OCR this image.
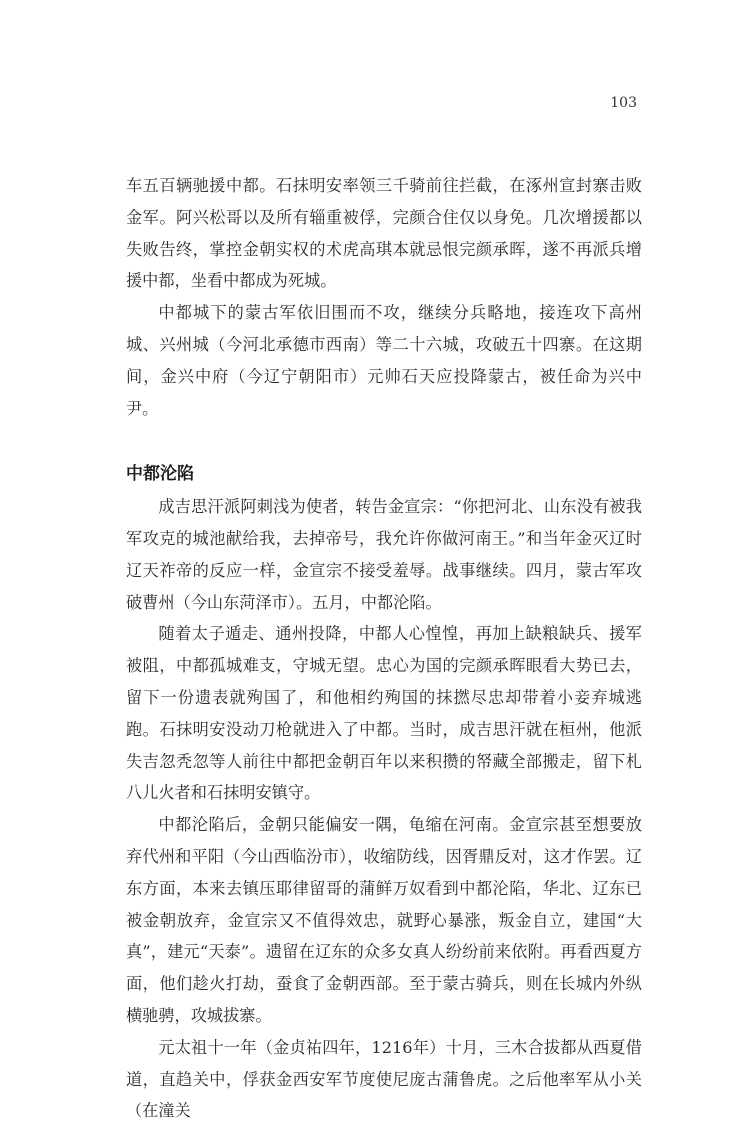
103

车五百辆驰援中都。石抹明安率领三千骑前往拦截，在涿州宣封寨击败金军。阿兴松哥以及所有辎重被俘，完颜合住仅以身免。几次增援都以失败告终，掌控金朝实权的术虎高琪本就忌恨完颜承晖，遂不再派兵增援中都，坐看中都成为死城。

中都城下的蒙古军依旧围而不攻，继续分兵略地，接连攻下高州城、兴州城（今河北承德市西南）等二十六城，攻破五十四寨。在这期间，金兴中府（今辽宁朝阳市）元帅石天应投降蒙古，被任命为兴中尹。

中都沦陷

成吉思汗派阿刺浅为使者，转告金宣宗：“你把河北、山东没有被我军攻克的城池献给我，去掉帝号，我允许你做河南王。”和当年金灭辽时辽天祚帝的反应一样，金宣宗不接受羞辱。战事继续。四月，蒙古军攻破曹州（今山东菏泽市）。五月，中都沦陷。

随着太子遁走、通州投降，中都人心惶惶，再加上缺粮缺兵、援军被阻，中都孤城难支，守城无望。忠心为国的完颜承晖眼看大势已去，留下一份遗表就殉国了，和他相约殉国的抹撚尽忠却带着小妾弃城逃跑。石抹明安没动刀枪就进入了中都。当时，成吉思汗就在桓州，他派失吉忽秃忽等人前往中都把金朝百年以来积攒的帑藏全部搬走，留下札八儿火者和石抹明安镇守。

中都沦陷后，金朝只能偏安一隅，龟缩在河南。金宣宗甚至想要放弃代州和平阳（今山西临汾市），收缩防线，因胥鼎反对，这才作罢。辽东方面，本来去镇压耶律留哥的蒲鲜万奴看到中都沦陷，华北、辽东已被金朝放弃，金宣宗又不值得效忠，就野心暴涨，叛金自立，建国“大真”，建元“天泰”。遗留在辽东的众多女真人纷纷前来依附。再看西夏方面，他们趁火打劫，蚕食了金朝西部。至于蒙古骑兵，则在长城内外纵横驰骋，攻城拔寨。

元太祖十一年（金贞祐四年，1216年）十月，三木合拔都从西夏借道，直趋关中，俘获金西安军节度使尼庞古蒲鲁虎。之后他率军从小关（在潼关
